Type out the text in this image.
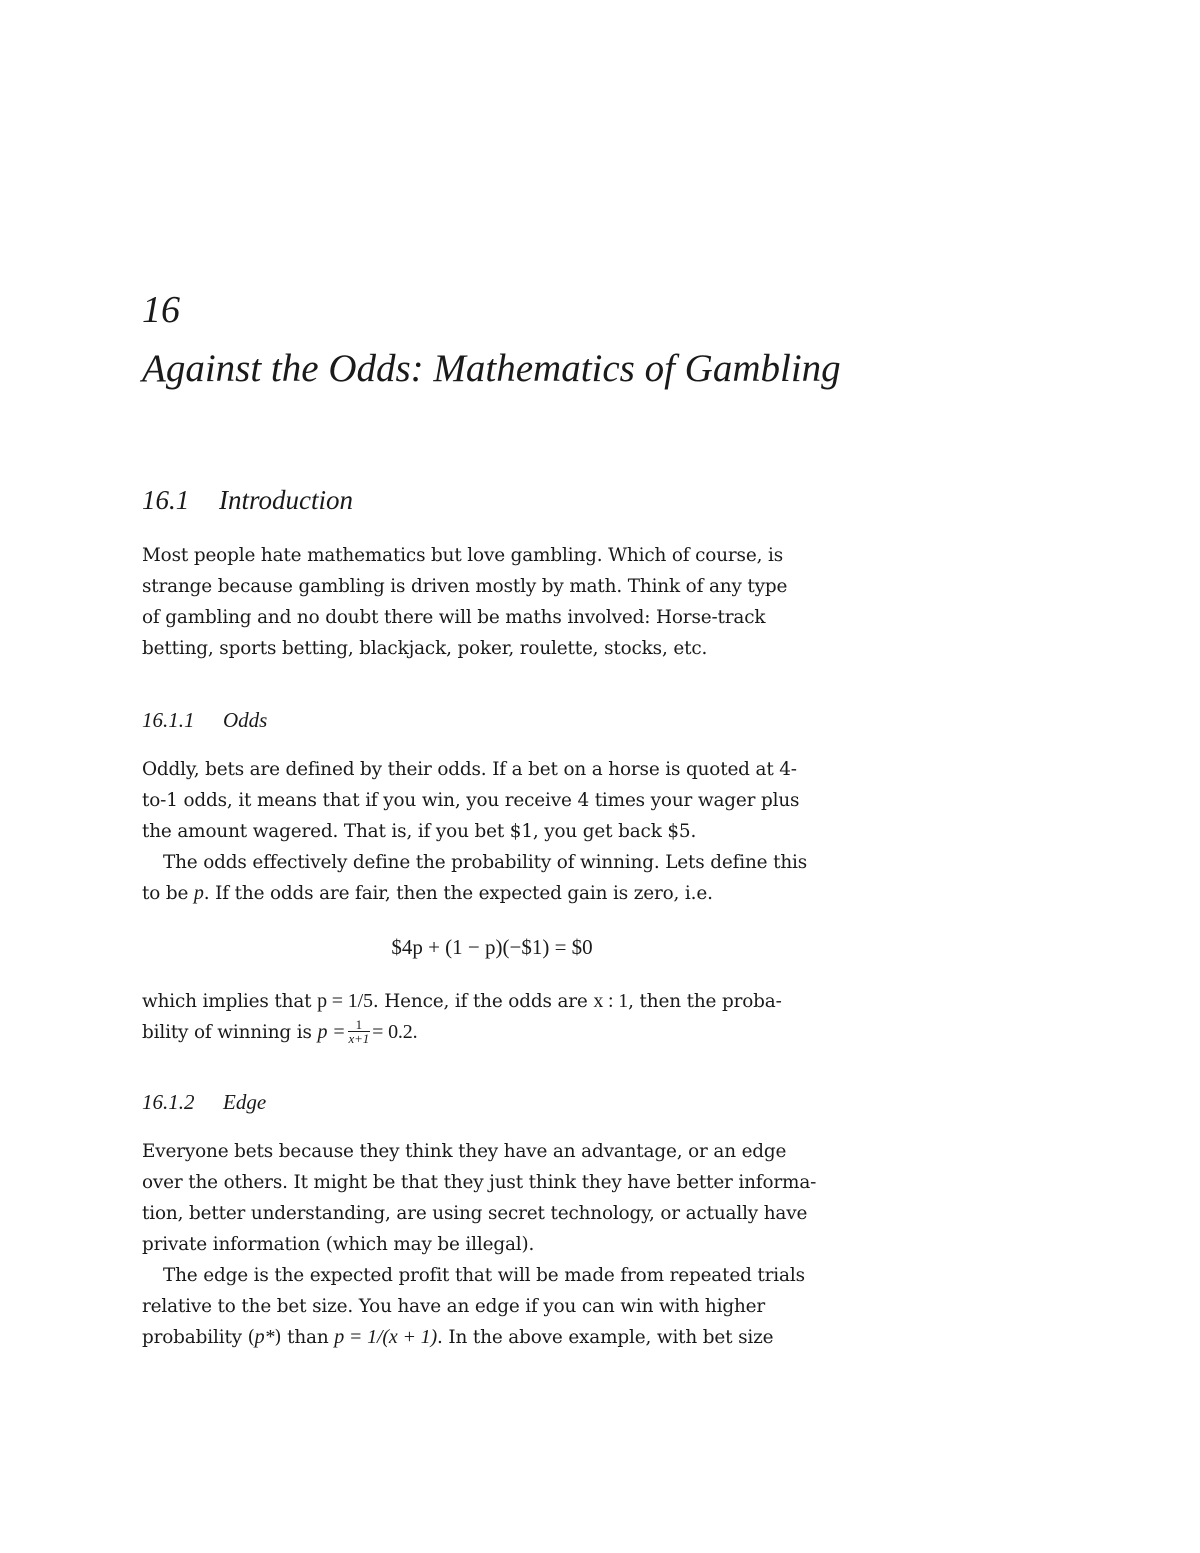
16
Against the Odds: Mathematics of Gambling
16.1 Introduction

Most people hate mathematics but love gambling. Which of course, is
strange because gambling is driven mostly by math. Think of any type
of gambling and no doubt there will be maths involved: Horse-track
betting, sports betting, blackjack, poker, roulette, stocks, etc.

16.1.1 Odds

Oddly, bets are defined by their odds. If a bet on a horse is quoted at 4-
to-1 odds, it means that if you win, you receive 4 times your wager plus
the amount wagered. That is, if you bet $1, you get back $5.

The odds effectively define the probability of winning. Lets define this
to be p. If the odds are fair, then the expected gain is zero, i.e.

$4p + (1 − p)(−$1) = $0

which implies that p = 1/5. Hence, if the odds are x : 1, then the proba-
bility of winning is $p = \frac{1}{x+1} = 0.2$.

16.1.2 Edge

Everyone bets because they think they have an advantage, or an edge
over the others. It might be that they just think they have better informa-
tion, better understanding, are using secret technology, or actually have
private information (which may be illegal).

The edge is the expected profit that will be made from repeated trials
relative to the bet size. You have an edge if you can win with higher
probability (p*) than p = 1/(x + 1). In the above example, with bet size
